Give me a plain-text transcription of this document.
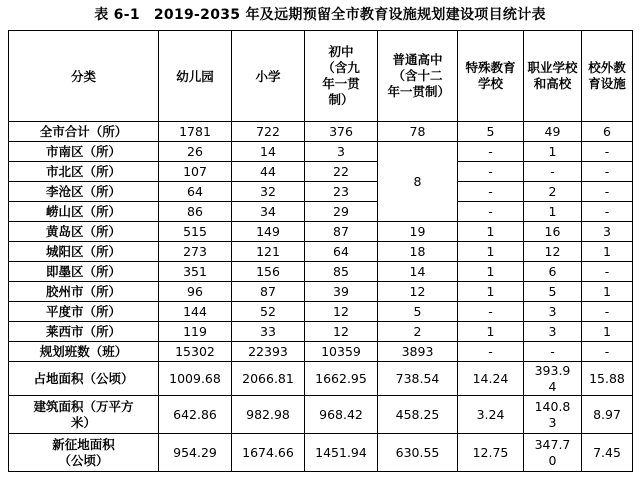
表 6-1 2019-2035 年及远期预留全市教育设施规划建设项目统计表
分类	幼儿园	小学	初中（含九年一贯制）	普通高中（含十二年一贯制）	特殊教育学校	职业学校和高校	校外教育设施
全市合计（所）	1781	722	376	78	5	49	6
市南区（所）	26	14	3	8	-	1	-
市北区（所）	107	44	22		-	-	-
李沧区（所）	64	32	23		-	2	-
崂山区（所）	86	34	29		-	1	-
黄岛区（所）	515	149	87	19	1	16	3
城阳区（所）	273	121	64	18	1	12	1
即墨区（所）	351	156	85	14	1	6	-
胶州市（所）	96	87	39	12	1	5	1
平度市（所）	144	52	12	5	-	3	-
莱西市（所）	119	33	12	2	1	3	1
规划班数（班）	15302	22393	10359	3893	-	-	-
占地面积（公顷）	1009.68	2066.81	1662.95	738.54	14.24	393.94	15.88
建筑面积（万平方米）	642.86	982.98	968.42	458.25	3.24	140.83	8.97
新征地面积（公顷）	954.29	1674.66	1451.94	630.55	12.75	347.70	7.45
